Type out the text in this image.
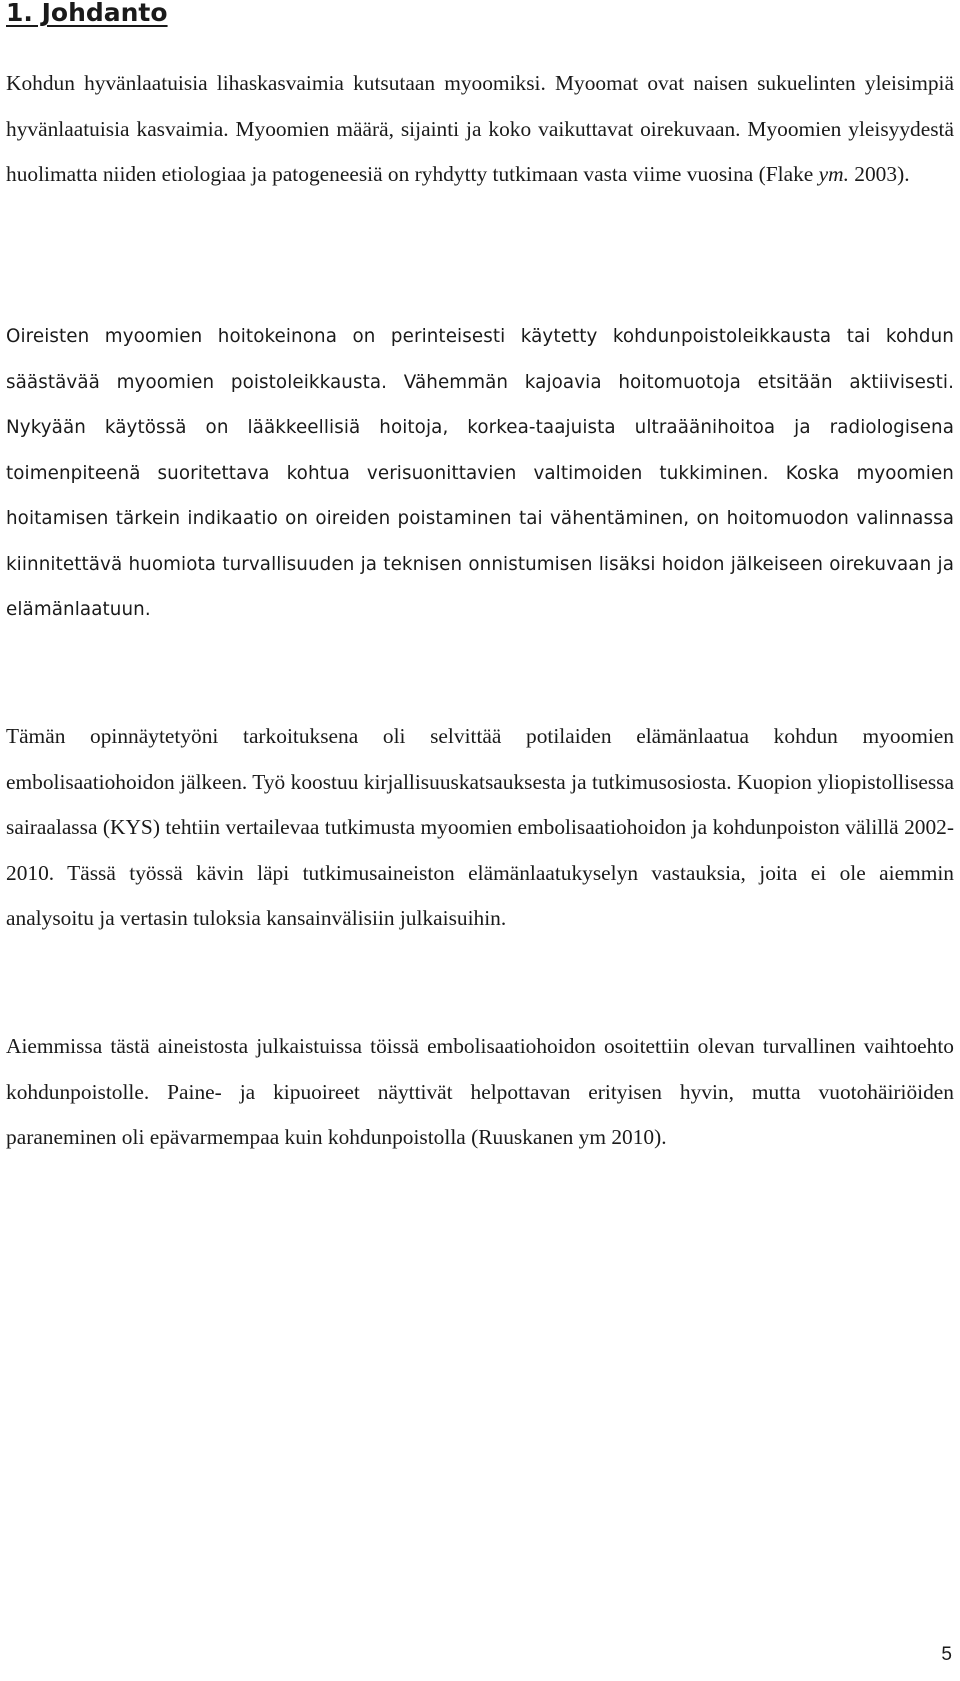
1. Johdanto

Kohdun hyvänlaatuisia lihaskasvaimia kutsutaan myoomiksi. Myoomat ovat naisen sukuelinten yleisimpiä hyvänlaatuisia kasvaimia. Myoomien määrä, sijainti ja koko vaikuttavat oirekuvaan. Myoomien yleisyydestä huolimatta niiden etiologiaa ja patogeneesiä on ryhdytty tutkimaan vasta viime vuosina (Flake ym. 2003).

Oireisten myoomien hoitokeinona on perinteisesti käytetty kohdunpoistoleikkausta tai kohdun säästävää myoomien poistoleikkausta. Vähemmän kajoavia hoitomuotoja etsitään aktiivisesti. Nykyään käytössä on lääkkeellisiä hoitoja, korkea-taajuista ultraäänihoitoa ja radiologisena toimenpiteenä suoritettava kohtua verisuonittavien valtimoiden tukkiminen. Koska myoomien hoitamisen tärkein indikaatio on oireiden poistaminen tai vähentäminen, on hoitomuodon valinnassa kiinnitettävä huomiota turvallisuuden ja teknisen onnistumisen lisäksi hoidon jälkeiseen oirekuvaan ja elämänlaatuun.

Tämän opinnäytetyöni tarkoituksena oli selvittää potilaiden elämänlaatua kohdun myoomien embolisaatiohoidon jälkeen. Työ koostuu kirjallisuuskatsauksesta ja tutkimusosiosta. Kuopion yliopistollisessa sairaalassa (KYS) tehtiin vertailevaa tutkimusta myoomien embolisaatiohoidon ja kohdunpoiston välillä 2002-2010. Tässä työssä kävin läpi tutkimusaineiston elämänlaatukyselyn vastauksia, joita ei ole aiemmin analysoitu ja vertasin tuloksia kansainvälisiin julkaisuihin.

Aiemmissa tästä aineistosta julkaistuissa töissä embolisaatiohoidon osoitettiin olevan turvallinen vaihtoehto kohdunpoistolle. Paine- ja kipuoireet näyttivät helpottavan erityisen hyvin, mutta vuotohäiriöiden paraneminen oli epävarmempaa kuin kohdunpoistolla (Ruuskanen ym 2010).

5
